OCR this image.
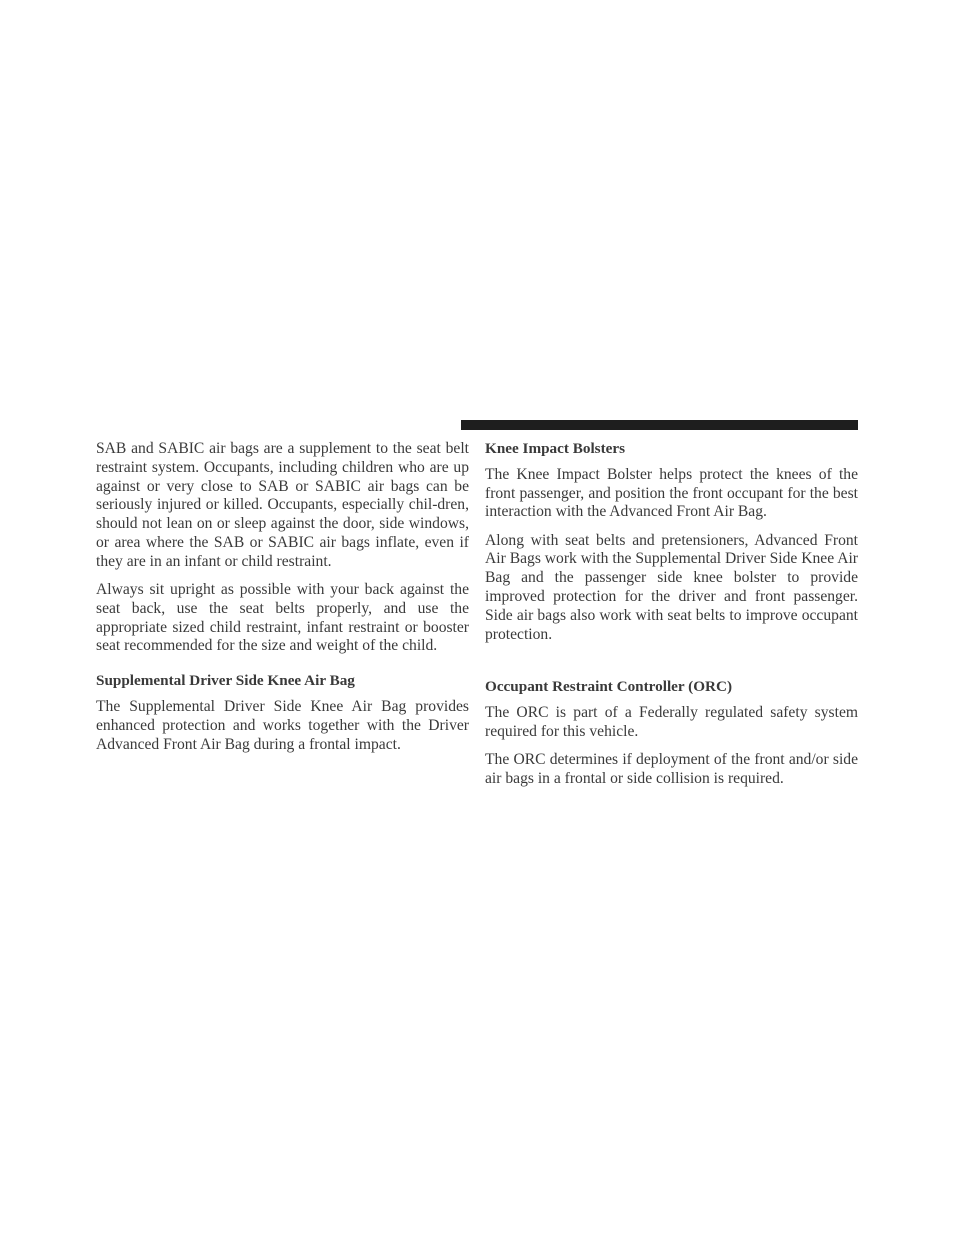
SAB and SABIC air bags are a supplement to the seat belt restraint system. Occupants, including children who are up against or very close to SAB or SABIC air bags can be seriously injured or killed. Occupants, especially chil-dren, should not lean on or sleep against the door, side windows, or area where the SAB or SABIC air bags inflate, even if they are in an infant or child restraint.

Always sit upright as possible with your back against the seat back, use the seat belts properly, and use the appropriate sized child restraint, infant restraint or booster seat recommended for the size and weight of the child.

Supplemental Driver Side Knee Air Bag

The Supplemental Driver Side Knee Air Bag provides enhanced protection and works together with the Driver Advanced Front Air Bag during a frontal impact.

Knee Impact Bolsters

The Knee Impact Bolster helps protect the knees of the front passenger, and position the front occupant for the best interaction with the Advanced Front Air Bag.

Along with seat belts and pretensioners, Advanced Front Air Bags work with the Supplemental Driver Side Knee Air Bag and the passenger side knee bolster to provide improved protection for the driver and front passenger. Side air bags also work with seat belts to improve occupant protection.

Occupant Restraint Controller (ORC)

The ORC is part of a Federally regulated safety system required for this vehicle.

The ORC determines if deployment of the front and/or side air bags in a frontal or side collision is required.
